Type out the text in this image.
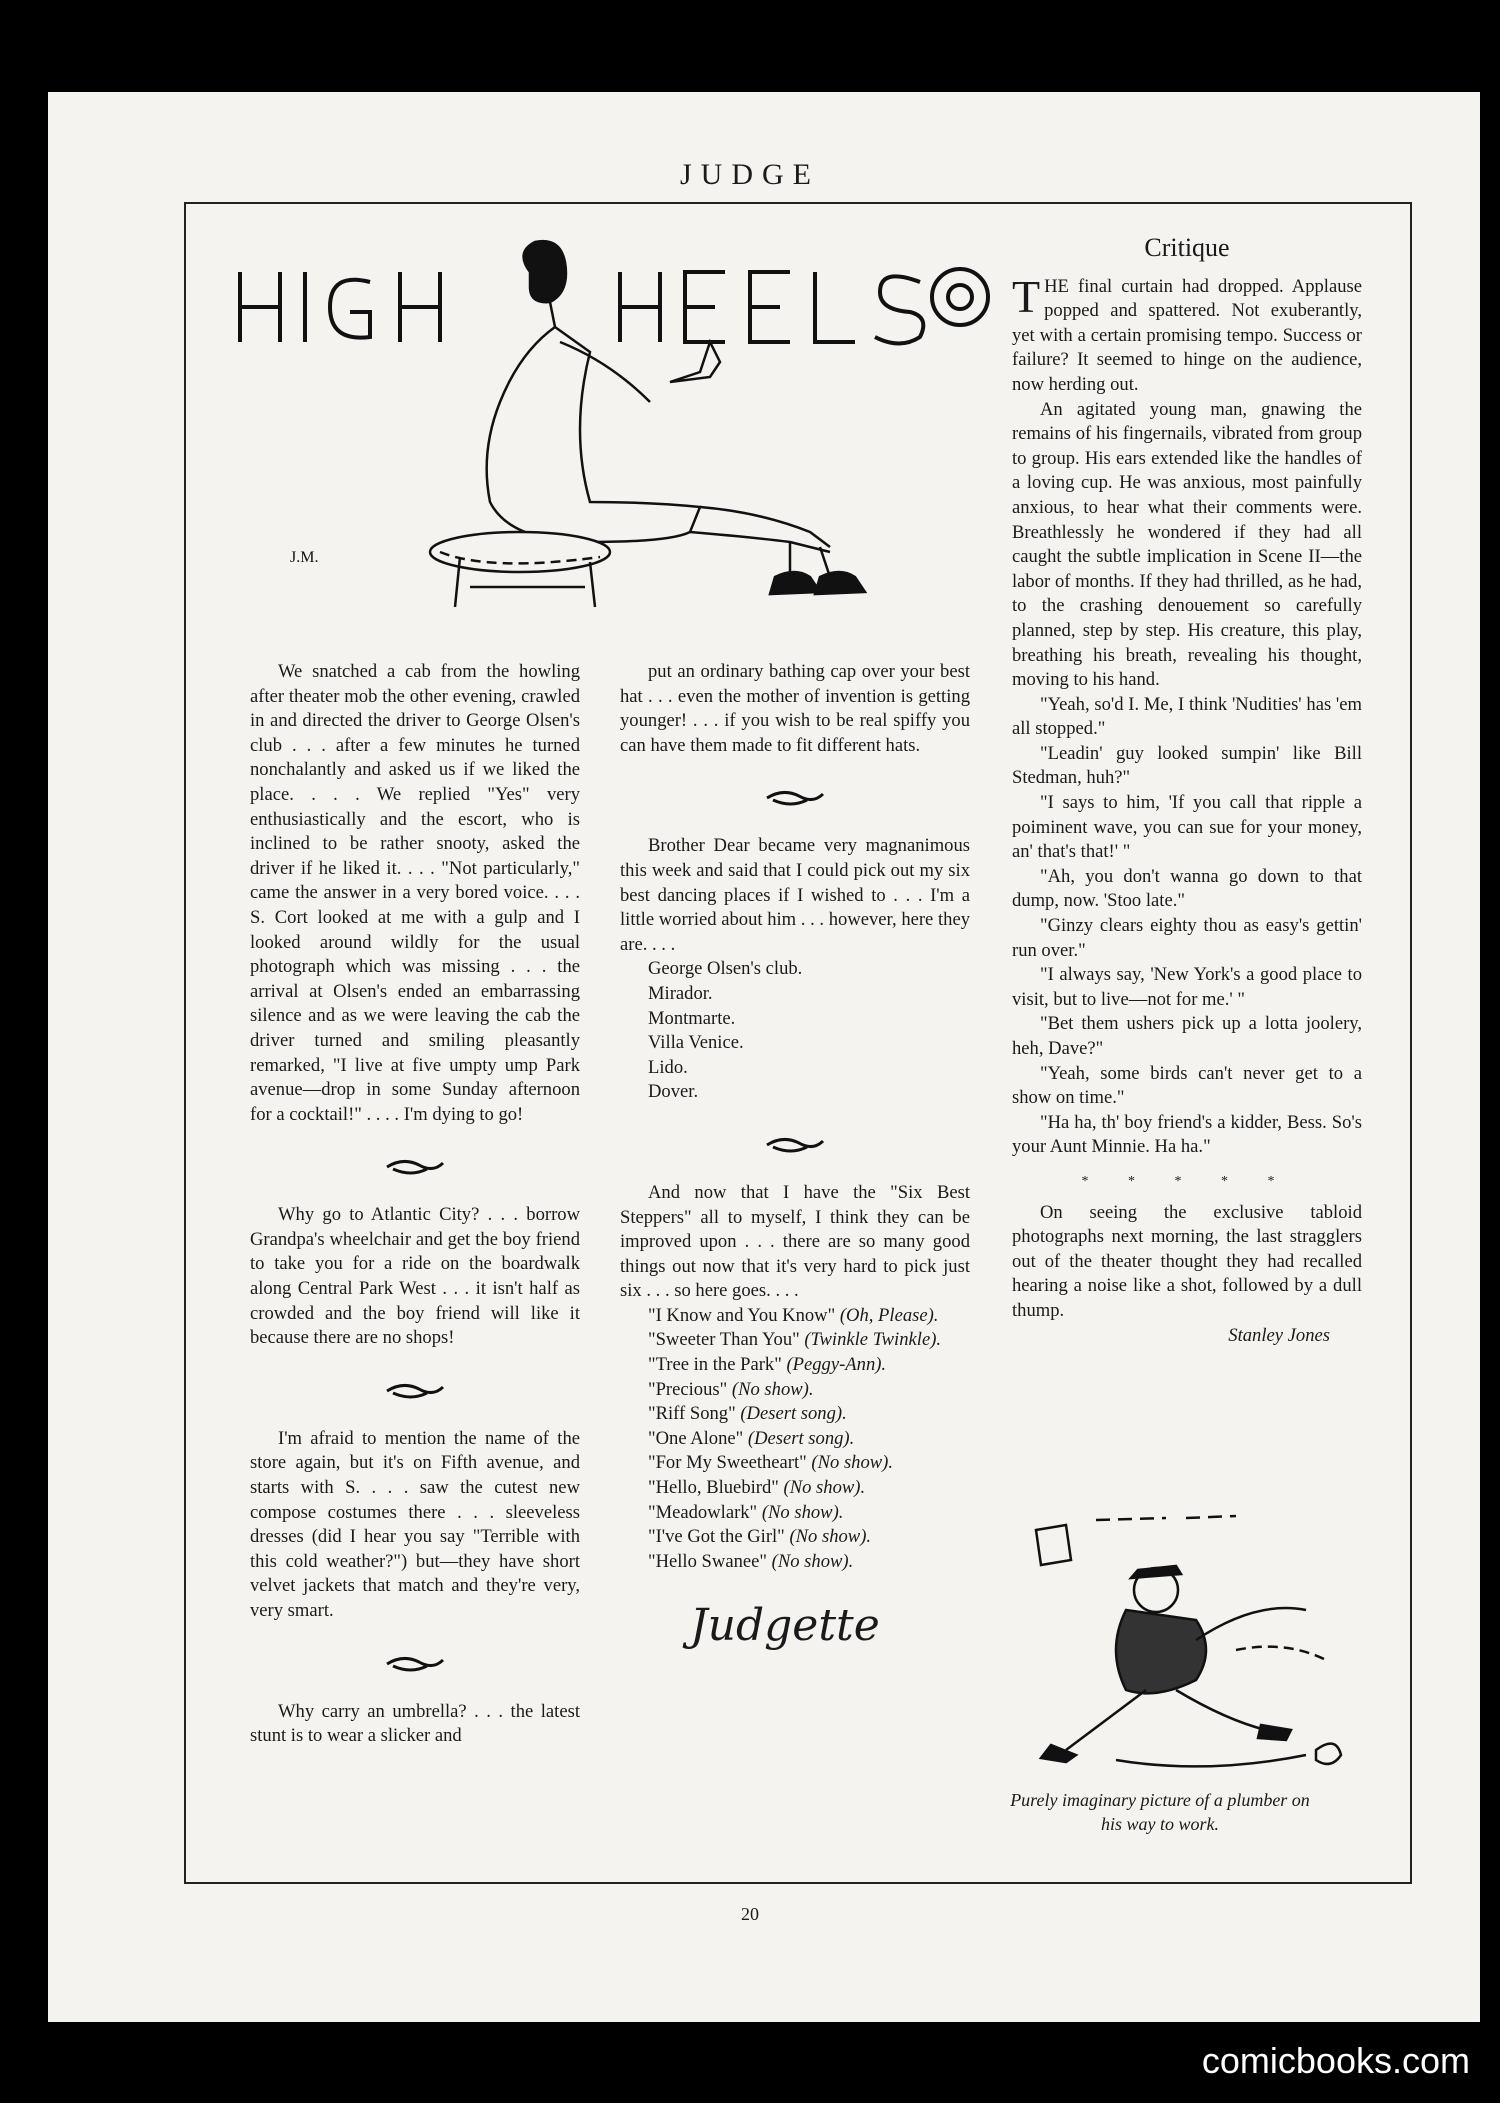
JUDGE
J.M.

We snatched a cab from the howling after theater mob the other evening, crawled in and directed the driver to George Olsen's club . . . after a few minutes he turned nonchalantly and asked us if we liked the place. . . . We replied "Yes" very enthusiastically and the escort, who is inclined to be rather snooty, asked the driver if he liked it. . . . "Not particularly," came the answer in a very bored voice. . . . S. Cort looked at me with a gulp and I looked around wildly for the usual photograph which was missing . . . the arrival at Olsen's ended an embarrassing silence and as we were leaving the cab the driver turned and smiling pleasantly remarked, "I live at five umpty ump Park avenue—drop in some Sunday afternoon for a cocktail!" . . . . I'm dying to go!

Why go to Atlantic City? . . . borrow Grandpa's wheelchair and get the boy friend to take you for a ride on the boardwalk along Central Park West . . . it isn't half as crowded and the boy friend will like it because there are no shops!

I'm afraid to mention the name of the store again, but it's on Fifth avenue, and starts with S. . . . saw the cutest new compose costumes there . . . sleeveless dresses (did I hear you say "Terrible with this cold weather?") but—they have short velvet jackets that match and they're very, very smart.

Why carry an umbrella? . . . the latest stunt is to wear a slicker and

put an ordinary bathing cap over your best hat . . . even the mother of invention is getting younger! . . . if you wish to be real spiffy you can have them made to fit different hats.

Brother Dear became very magnanimous this week and said that I could pick out my six best dancing places if I wished to . . . I'm a little worried about him . . . however, here they are. . . .

George Olsen's club.
Mirador.
Montmarte.
Villa Venice.
Lido.
Dover.

And now that I have the "Six Best Steppers" all to myself, I think they can be improved upon . . . there are so many good things out now that it's very hard to pick just six . . . so here goes. . . .

"I Know and You Know" (Oh, Please).
"Sweeter Than You" (Twinkle Twinkle).
"Tree in the Park" (Peggy-Ann).
"Precious" (No show).
"Riff Song" (Desert song).
"One Alone" (Desert song).
"For My Sweetheart" (No show).
"Hello, Bluebird" (No show).
"Meadowlark" (No show).
"I've Got the Girl" (No show).
"Hello Swanee" (No show).
Judgette
Critique

THE final curtain had dropped. Applause popped and spattered. Not exuberantly, yet with a certain promising tempo. Success or failure? It seemed to hinge on the audience, now herding out.

An agitated young man, gnawing the remains of his fingernails, vibrated from group to group. His ears extended like the handles of a loving cup. He was anxious, most painfully anxious, to hear what their comments were. Breathlessly he wondered if they had all caught the subtle implication in Scene II—the labor of months. If they had thrilled, as he had, to the crashing denouement so carefully planned, step by step. His creature, this play, breathing his breath, revealing his thought, moving to his hand.

"Yeah, so'd I. Me, I think 'Nudities' has 'em all stopped."

"Leadin' guy looked sumpin' like Bill Stedman, huh?"

"I says to him, 'If you call that ripple a poiminent wave, you can sue for your money, an' that's that!' "

"Ah, you don't wanna go down to that dump, now. 'Stoo late."

"Ginzy clears eighty thou as easy's gettin' run over."

"I always say, 'New York's a good place to visit, but to live—not for me.' "

"Bet them ushers pick up a lotta joolery, heh, Dave?"

"Yeah, some birds can't never get to a show on time."

"Ha ha, th' boy friend's a kidder, Bess. So's your Aunt Minnie. Ha ha."

* * * * *

On seeing the exclusive tabloid photographs next morning, the last stragglers out of the theater thought they had recalled hearing a noise like a shot, followed by a dull thump.

Stanley Jones
Purely imaginary picture of a plumber on his way to work.
20
comicbooks.com
